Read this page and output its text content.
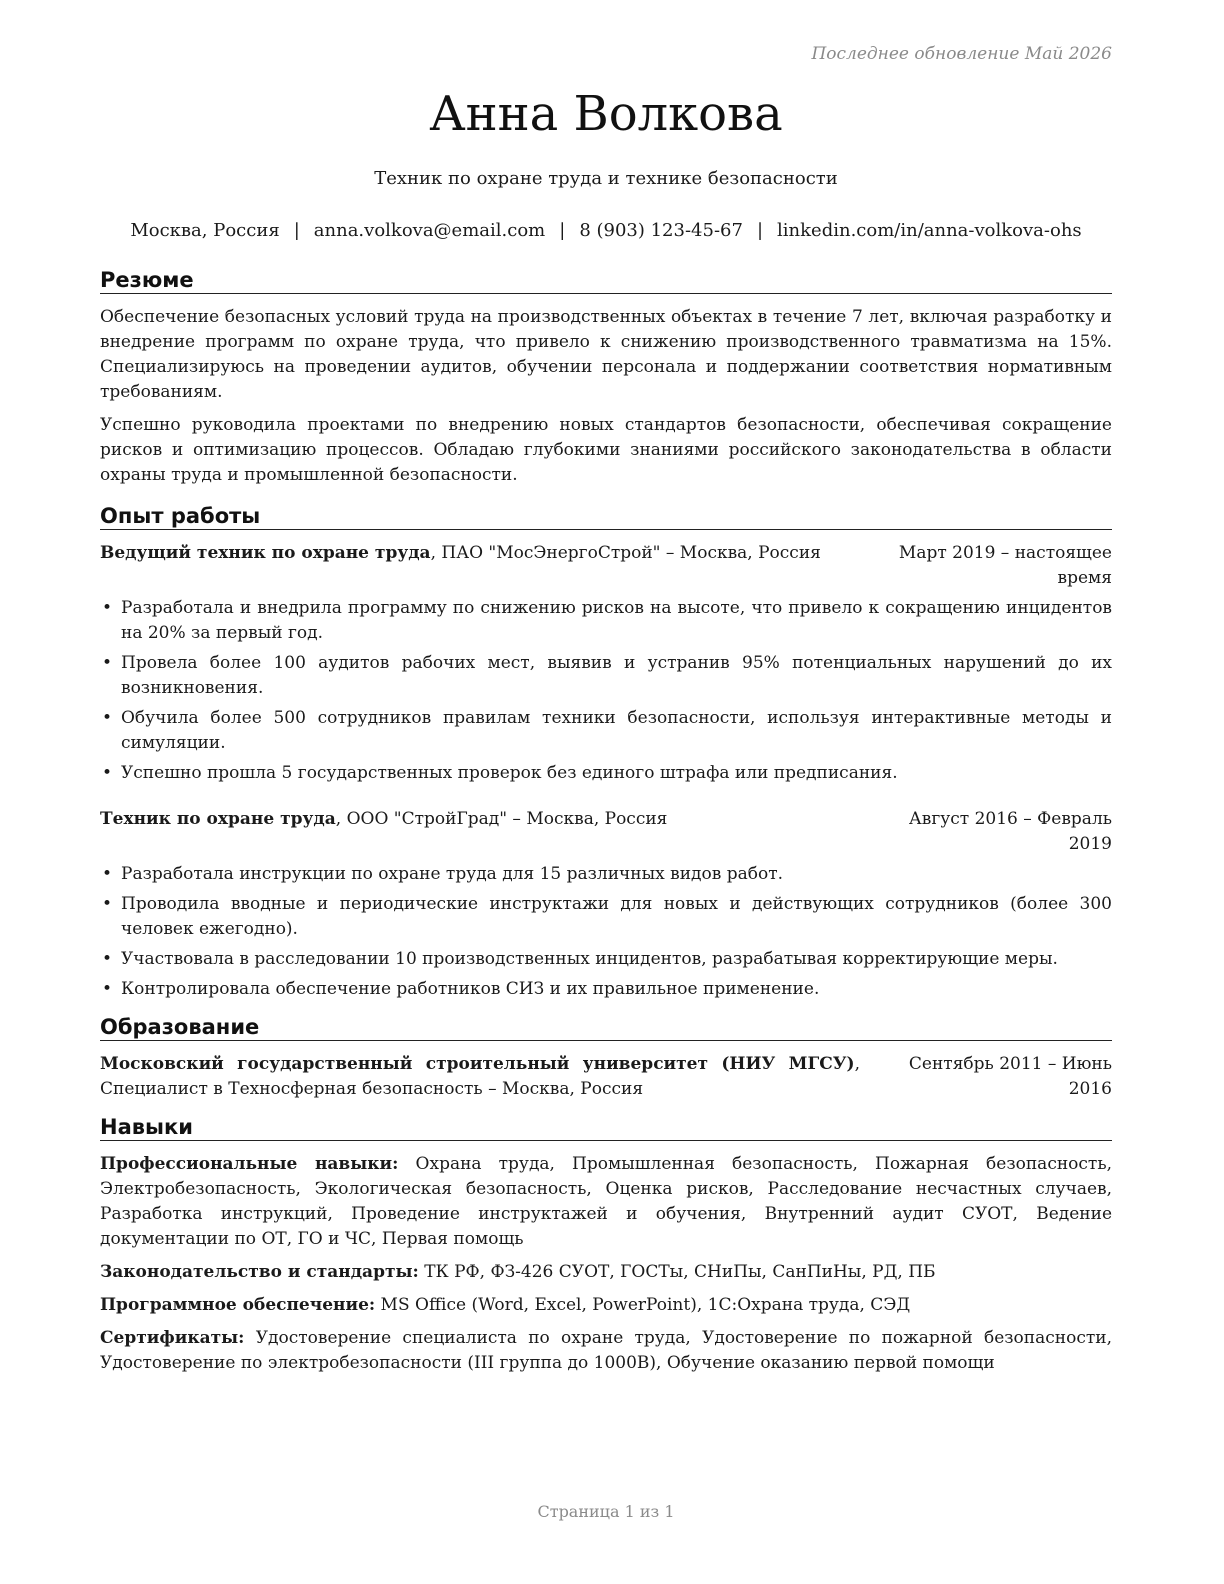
Последнее обновление Май 2026
Анна Волкова
Техник по охране труда и технике безопасности
Москва, Россия | anna.volkova@email.com | 8 (903) 123-45-67 | linkedin.com/in/anna-volkova-ohs
Резюме

Обеспечение безопасных условий труда на производственных объектах в течение 7 лет, включая разработку и внедрение программ по охране труда, что привело к снижению производственного травматизма на 15%. Специализируюсь на проведении аудитов, обучении персонала и поддержании соответствия нормативным требованиям.

Успешно руководила проектами по внедрению новых стандартов безопасности, обеспечивая сокращение рисков и оптимизацию процессов. Обладаю глубокими знаниями российского законодательства в области охраны труда и промышленной безопасности.

Опыт работы
Ведущий техник по охране труда, ПАО "МосЭнергоСтрой" – Москва, Россия	Март 2019 – настоящее время
• Разработала и внедрила программу по снижению рисков на высоте, что привело к сокращению инцидентов на 20% за первый год.
• Провела более 100 аудитов рабочих мест, выявив и устранив 95% потенциальных нарушений до их возникновения.
• Обучила более 500 сотрудников правилам техники безопасности, используя интерактивные методы и симуляции.
• Успешно прошла 5 государственных проверок без единого штрафа или предписания.
Техник по охране труда, ООО "СтройГрад" – Москва, Россия	Август 2016 – Февраль 2019
• Разработала инструкции по охране труда для 15 различных видов работ.
• Проводила вводные и периодические инструктажи для новых и действующих сотрудников (более 300 человек ежегодно).
• Участвовала в расследовании 10 производственных инцидентов, разрабатывая корректирующие меры.
• Контролировала обеспечение работников СИЗ и их правильное применение.
Образование
Московский государственный строительный университет (НИУ МГСУ), Специалист в Техносферная безопасность – Москва, Россия
Сентябрь 2011 – Июнь 2016
Навыки

Профессиональные навыки: Охрана труда, Промышленная безопасность, Пожарная безопасность, Электробезопасность, Экологическая безопасность, Оценка рисков, Расследование несчастных случаев, Разработка инструкций, Проведение инструктажей и обучения, Внутренний аудит СУОТ, Ведение документации по ОТ, ГО и ЧС, Первая помощь

Законодательство и стандарты: ТК РФ, ФЗ-426 СУОТ, ГОСТы, СНиПы, СанПиНы, РД, ПБ

Программное обеспечение: MS Office (Word, Excel, PowerPoint), 1С:Охрана труда, СЭД

Сертификаты: Удостоверение специалиста по охране труда, Удостоверение по пожарной безопасности, Удостоверение по электробезопасности (III группа до 1000В), Обучение оказанию первой помощи

Страница 1 из 1
